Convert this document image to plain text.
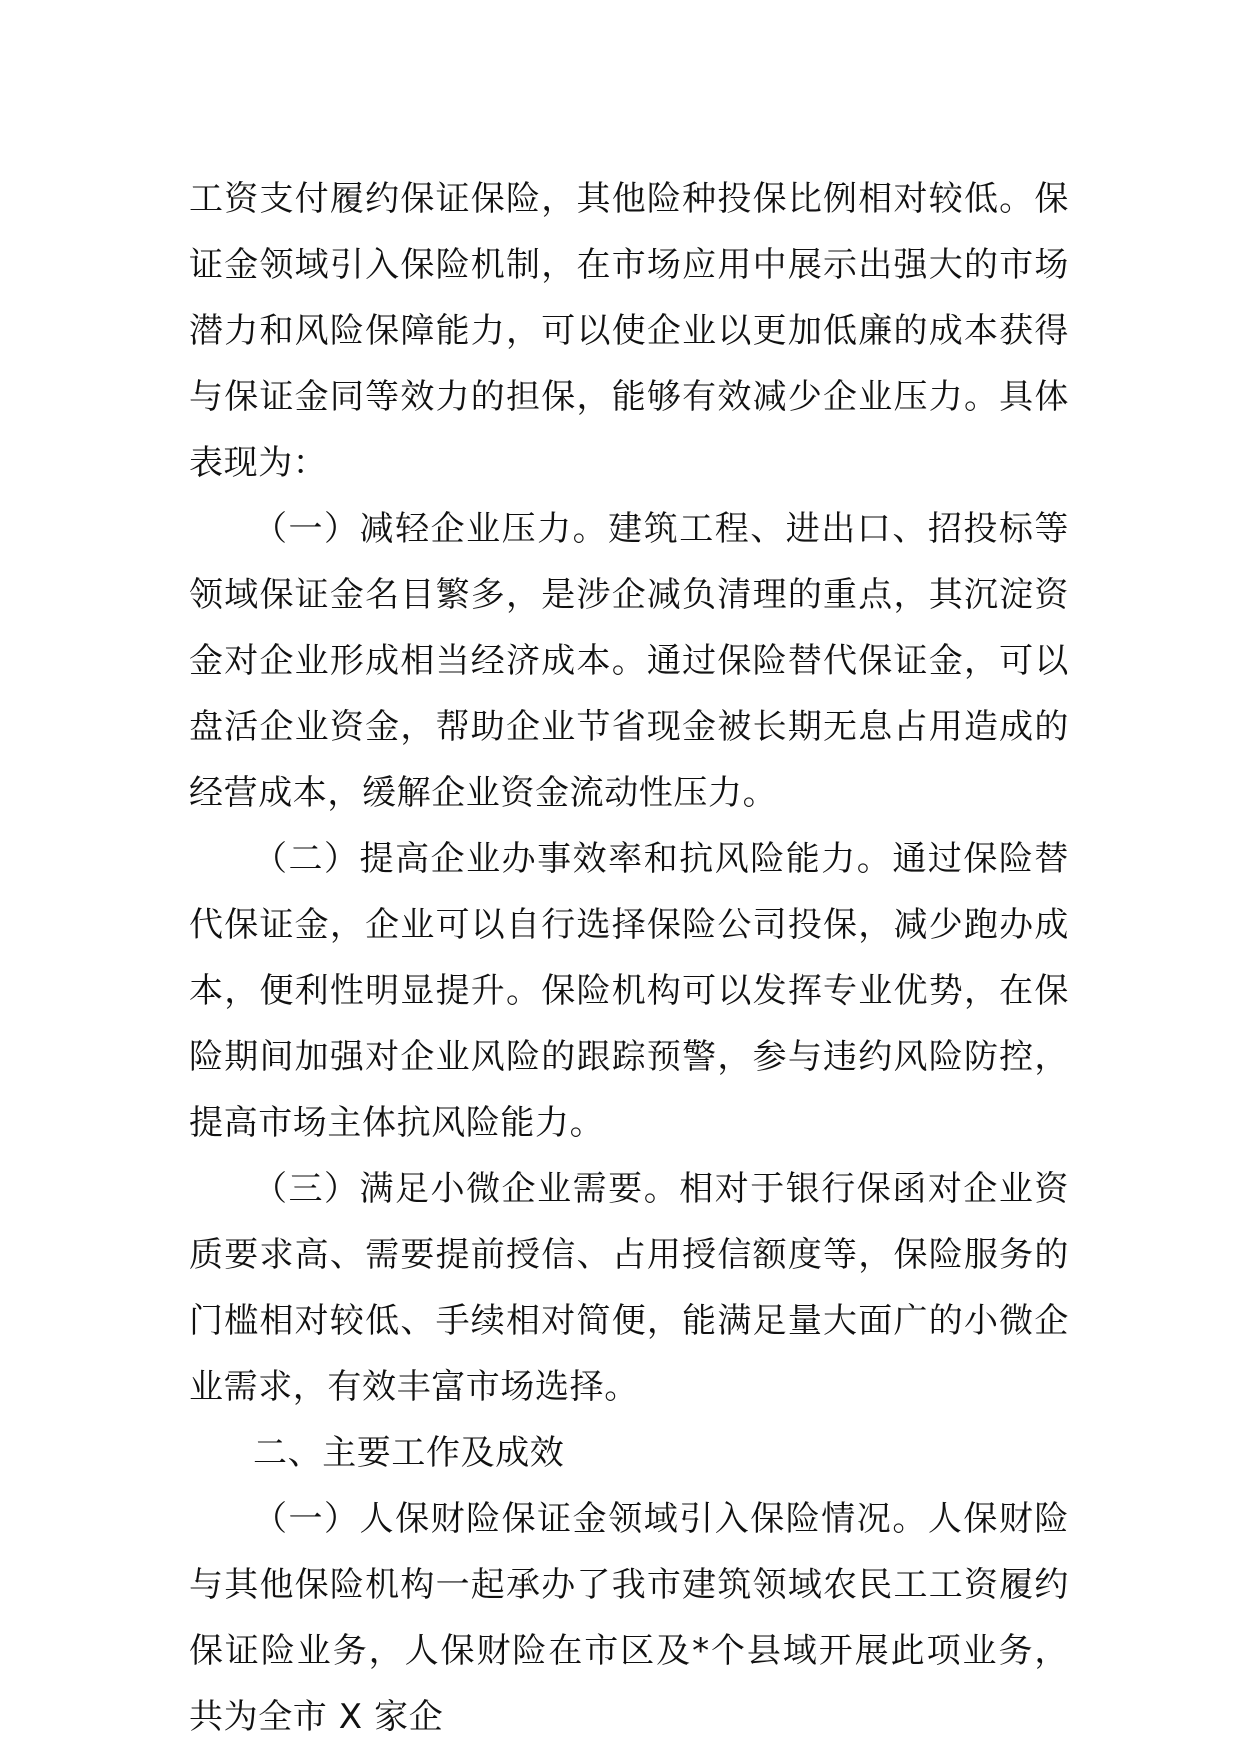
工资支付履约保证保险，其他险种投保比例相对较低。保证金领域引入保险机制，在市场应用中展示出强大的市场潜力和风险保障能力，可以使企业以更加低廉的成本获得与保证金同等效力的担保，能够有效减少企业压力。具体表现为：

（一）减轻企业压力。建筑工程、进出口、招投标等领域保证金名目繁多，是涉企减负清理的重点，其沉淀资金对企业形成相当经济成本。通过保险替代保证金，可以盘活企业资金，帮助企业节省现金被长期无息占用造成的经营成本，缓解企业资金流动性压力。

（二）提高企业办事效率和抗风险能力。通过保险替代保证金，企业可以自行选择保险公司投保，减少跑办成本，便利性明显提升。保险机构可以发挥专业优势，在保险期间加强对企业风险的跟踪预警，参与违约风险防控，提高市场主体抗风险能力。

（三）满足小微企业需要。相对于银行保函对企业资质要求高、需要提前授信、占用授信额度等，保险服务的门槛相对较低、手续相对简便，能满足量大面广的小微企业需求，有效丰富市场选择。

二、主要工作及成效

（一）人保财险保证金领域引入保险情况。人保财险与其他保险机构一起承办了我市建筑领域农民工工资履约保证险业务，人保财险在市区及*个县域开展此项业务，共为全市 X 家企
